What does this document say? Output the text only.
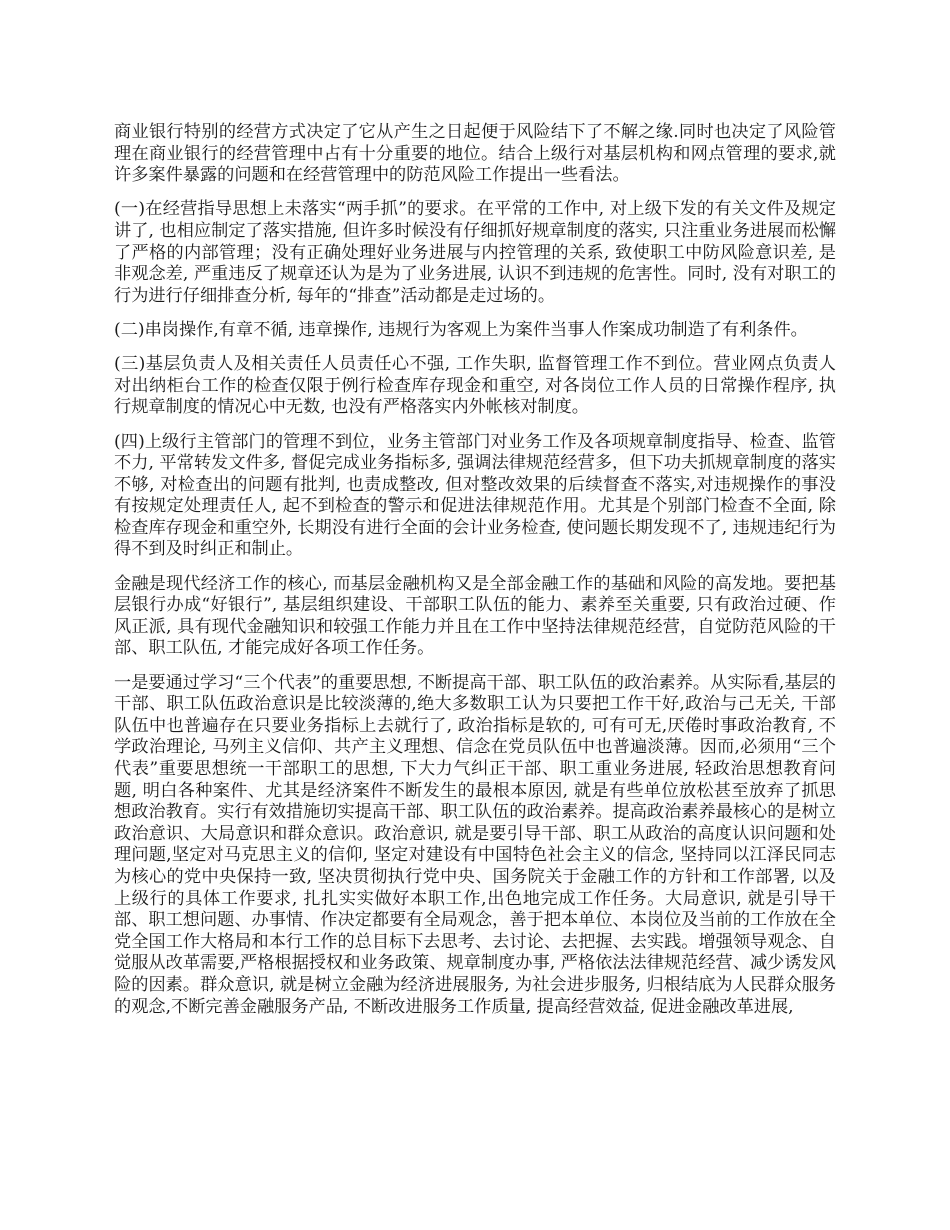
商业银行特别的经营方式决定了它从产生之日起便于风险结下了不解之缘.同时也决定了风险管理在商业银行的经营管理中占有十分重要的地位。结合上级行对基层机构和网点管理的要求,就许多案件暴露的问题和在经营管理中的防范风险工作提出一些看法。

(一)在经营指导思想上未落实“两手抓”的要求。在平常的工作中, 对上级下发的有关文件及规定讲了, 也相应制定了落实措施, 但许多时候没有仔细抓好规章制度的落实, 只注重业务进展而松懈了严格的内部管理；没有正确处理好业务进展与内控管理的关系, 致使职工中防风险意识差, 是非观念差, 严重违反了规章还认为是为了业务进展, 认识不到违规的危害性。同时, 没有对职工的行为进行仔细排查分析, 每年的“排查”活动都是走过场的。

(二)串岗操作,有章不循, 违章操作, 违规行为客观上为案件当事人作案成功制造了有利条件。

(三)基层负责人及相关责任人员责任心不强, 工作失职, 监督管理工作不到位。营业网点负责人对出纳柜台工作的检查仅限于例行检查库存现金和重空, 对各岗位工作人员的日常操作程序, 执行规章制度的情况心中无数, 也没有严格落实内外帐核对制度。

(四)上级行主管部门的管理不到位，业务主管部门对业务工作及各项规章制度指导、检查、监管不力, 平常转发文件多, 督促完成业务指标多, 强调法律规范经营多，但下功夫抓规章制度的落实不够, 对检查出的问题有批判, 也责成整改, 但对整改效果的后续督查不落实,对违规操作的事没有按规定处理责任人, 起不到检查的警示和促进法律规范作用。尤其是个别部门检查不全面, 除检查库存现金和重空外, 长期没有进行全面的会计业务检查, 使问题长期发现不了, 违规违纪行为得不到及时纠正和制止。

金融是现代经济工作的核心, 而基层金融机构又是全部金融工作的基础和风险的高发地。要把基层银行办成“好银行”, 基层组织建设、干部职工队伍的能力、素养至关重要, 只有政治过硬、作风正派, 具有现代金融知识和较强工作能力并且在工作中坚持法律规范经营，自觉防范风险的干部、职工队伍, 才能完成好各项工作任务。

一是要通过学习“三个代表”的重要思想, 不断提高干部、职工队伍的政治素养。从实际看,基层的干部、职工队伍政治意识是比较淡薄的,绝大多数职工认为只要把工作干好,政治与己无关, 干部队伍中也普遍存在只要业务指标上去就行了, 政治指标是软的, 可有可无,厌倦时事政治教育, 不学政治理论, 马列主义信仰、共产主义理想、信念在党员队伍中也普遍淡薄。因而,必须用“三个代表”重要思想统一干部职工的思想, 下大力气纠正干部、职工重业务进展, 轻政治思想教育问题, 明白各种案件、尤其是经济案件不断发生的最根本原因, 就是有些单位放松甚至放弃了抓思想政治教育。实行有效措施切实提高干部、职工队伍的政治素养。提高政治素养最核心的是树立政治意识、大局意识和群众意识。政治意识, 就是要引导干部、职工从政治的高度认识问题和处理问题,坚定对马克思主义的信仰, 坚定对建设有中国特色社会主义的信念, 坚持同以江泽民同志为核心的党中央保持一致, 坚决贯彻执行党中央、国务院关于金融工作的方针和工作部署, 以及上级行的具体工作要求, 扎扎实实做好本职工作,出色地完成工作任务。大局意识, 就是引导干部、职工想问题、办事情、作决定都要有全局观念，善于把本单位、本岗位及当前的工作放在全党全国工作大格局和本行工作的总目标下去思考、去讨论、去把握、去实践。增强领导观念、自觉服从改革需要,严格根据授权和业务政策、规章制度办事, 严格依法法律规范经营、减少诱发风险的因素。群众意识, 就是树立金融为经济进展服务, 为社会进步服务, 归根结底为人民群众服务的观念,不断完善金融服务产品, 不断改进服务工作质量, 提高经营效益, 促进金融改革进展,
